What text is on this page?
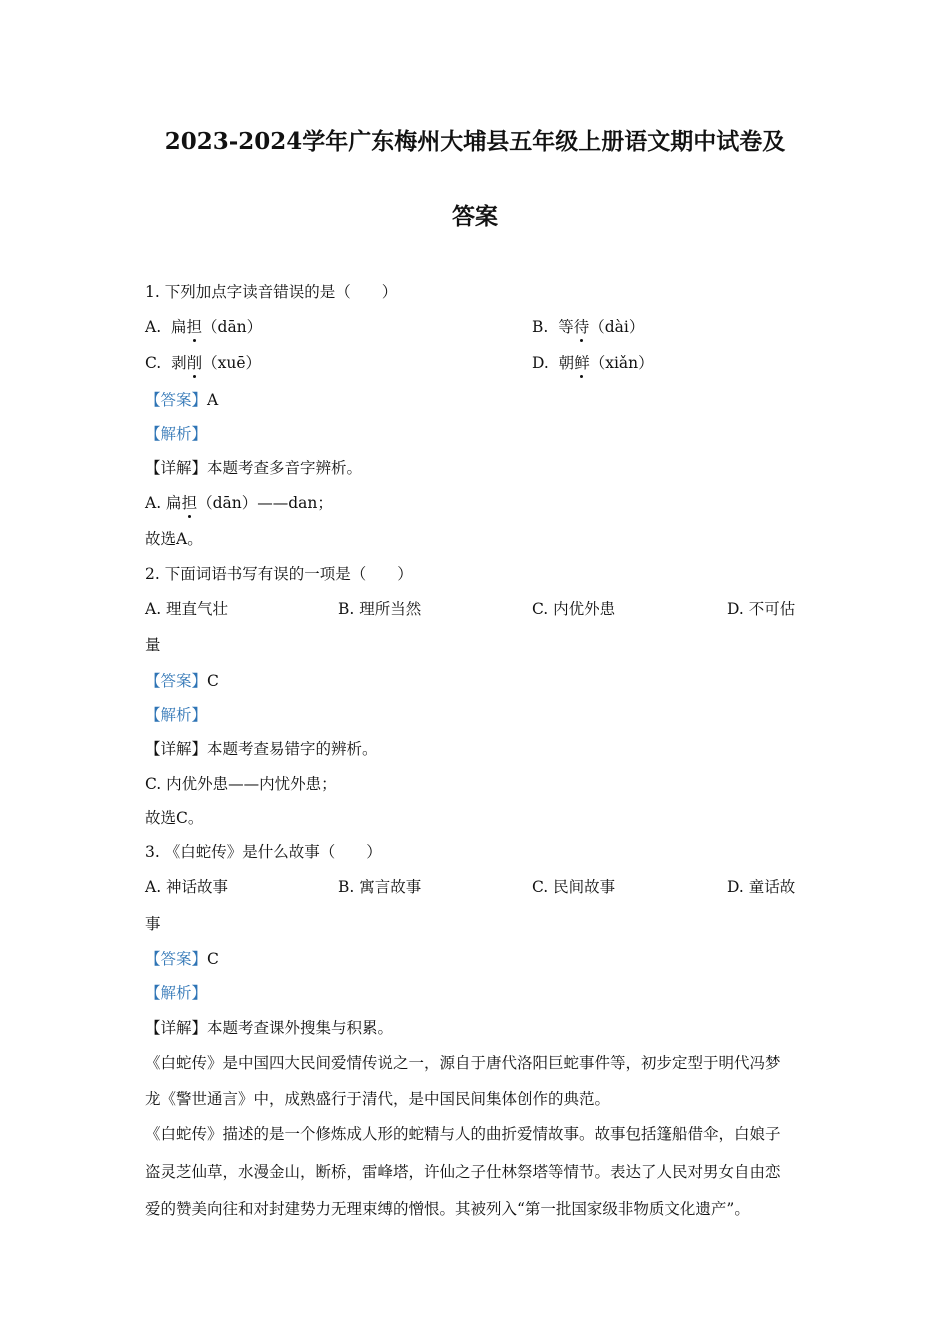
2023-2024学年广东梅州大埔县五年级上册语文期中试卷及
答案
1. 下列加点字读音错误的是（　　）
A. 扁担（dān）	B. 等待（dài）
C. 剥削（xuē）	D. 朝鲜（xiǎn）
【答案】A
【解析】
【详解】本题考查多音字辨析。
A. 扁担（dān）——dan；
故选A。
2. 下面词语书写有误的一项是（　　）
A. 理直气壮	B. 理所当然	C. 内优外患	D. 不可估
量
【答案】C
【解析】
【详解】本题考查易错字的辨析。
C. 内优外患——内忧外患；
故选C。
3. 《白蛇传》是什么故事（　　）
A. 神话故事	B. 寓言故事	C. 民间故事	D. 童话故
事
【答案】C
【解析】
【详解】本题考查课外搜集与积累。
《白蛇传》是中国四大民间爱情传说之一，源自于唐代洛阳巨蛇事件等，初步定型于明代冯梦
龙《警世通言》中，成熟盛行于清代，是中国民间集体创作的典范。
《白蛇传》描述的是一个修炼成人形的蛇精与人的曲折爱情故事。故事包括篷船借伞，白娘子
盗灵芝仙草，水漫金山，断桥，雷峰塔，许仙之子仕林祭塔等情节。表达了人民对男女自由恋
爱的赞美向往和对封建势力无理束缚的憎恨。其被列入“第一批国家级非物质文化遗产”。
